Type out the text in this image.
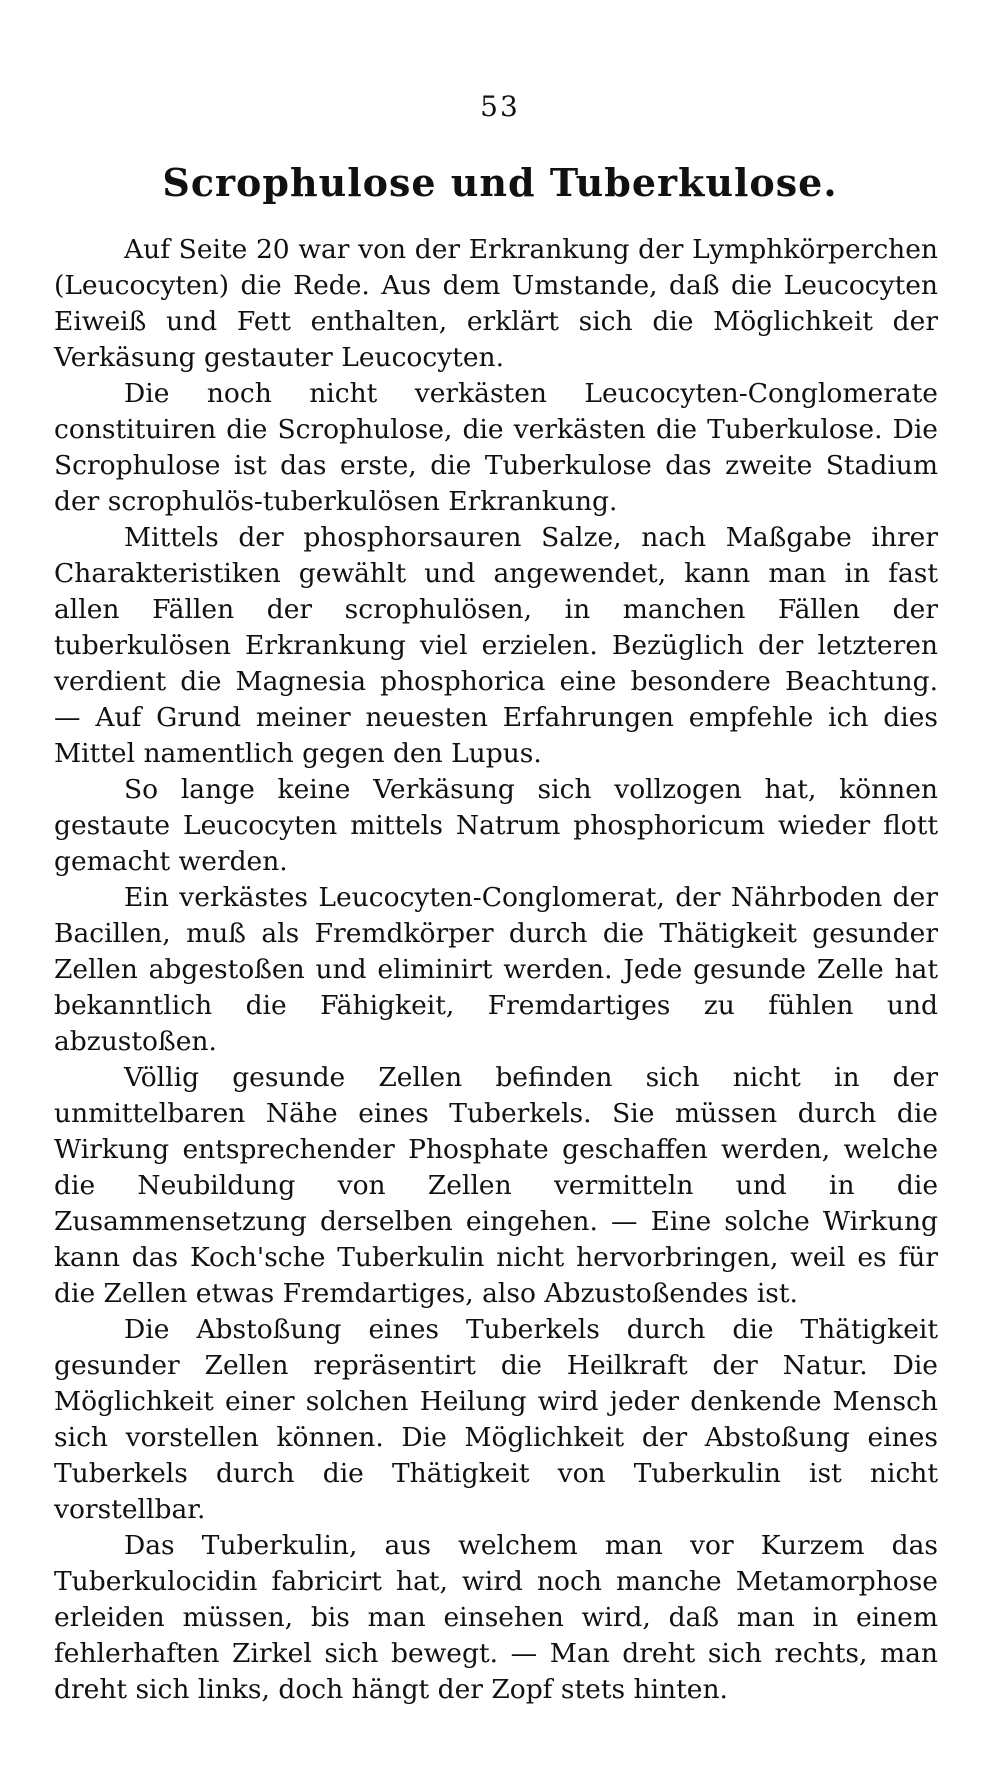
53
Scrophulose und Tuberkulose.

Auf Seite 20 war von der Erkrankung der Lymphkörperchen (Leucocyten) die Rede. Aus dem Umstande, daß die Leucocyten Eiweiß und Fett enthalten, erklärt sich die Möglichkeit der Verkäsung gestauter Leucocyten.

Die noch nicht verkästen Leucocyten-Conglomerate constituiren die Scrophulose, die verkästen die Tuberkulose. Die Scrophulose ist das erste, die Tuberkulose das zweite Stadium der scrophulös-tuberkulösen Erkrankung.

Mittels der phosphorsauren Salze, nach Maßgabe ihrer Charakteristiken gewählt und angewendet, kann man in fast allen Fällen der scrophulösen, in manchen Fällen der tuberkulösen Erkrankung viel erzielen. Bezüglich der letzteren verdient die Magnesia phosphorica eine besondere Beachtung. — Auf Grund meiner neuesten Erfahrungen empfehle ich dies Mittel namentlich gegen den Lupus.

So lange keine Verkäsung sich vollzogen hat, können gestaute Leucocyten mittels Natrum phosphoricum wieder flott gemacht werden.

Ein verkästes Leucocyten-Conglomerat, der Nährboden der Bacillen, muß als Fremdkörper durch die Thätigkeit gesunder Zellen abgestoßen und eliminirt werden. Jede gesunde Zelle hat bekanntlich die Fähigkeit, Fremdartiges zu fühlen und abzustoßen.

Völlig gesunde Zellen befinden sich nicht in der unmittelbaren Nähe eines Tuberkels. Sie müssen durch die Wirkung entsprechender Phosphate geschaffen werden, welche die Neubildung von Zellen vermitteln und in die Zusammensetzung derselben eingehen. — Eine solche Wirkung kann das Koch'sche Tuberkulin nicht hervorbringen, weil es für die Zellen etwas Fremdartiges, also Abzustoßendes ist.

Die Abstoßung eines Tuberkels durch die Thätigkeit gesunder Zellen repräsentirt die Heilkraft der Natur. Die Möglichkeit einer solchen Heilung wird jeder denkende Mensch sich vorstellen können. Die Möglichkeit der Abstoßung eines Tuberkels durch die Thätigkeit von Tuberkulin ist nicht vorstellbar.

Das Tuberkulin, aus welchem man vor Kurzem das Tuberkulocidin fabricirt hat, wird noch manche Metamorphose erleiden müssen, bis man einsehen wird, daß man in einem fehlerhaften Zirkel sich bewegt. — Man dreht sich rechts, man dreht sich links, doch hängt der Zopf stets hinten.
